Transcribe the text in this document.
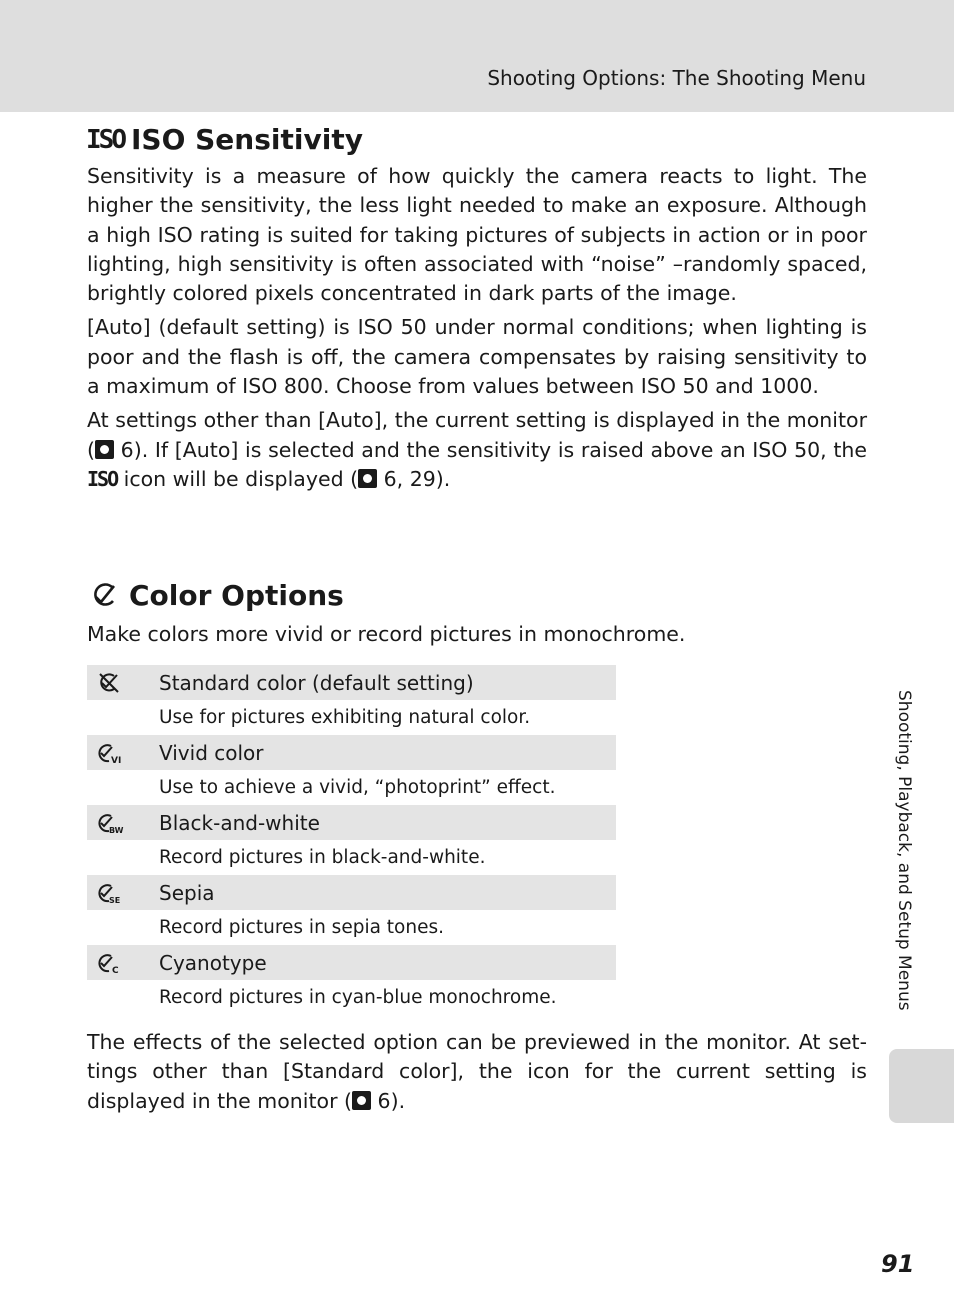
Shooting Options: The Shooting Menu
ISO ISO Sensitivity

Sensitivity is a measure of how quickly the camera reacts to light. The higher the sensitivity, the less light needed to make an exposure. Although a high ISO rating is suited for taking pictures of subjects in action or in poor lighting, high sensitivity is often associated with “noise” –randomly spaced, brightly colored pixels concentrated in dark parts of the image.

[Auto] (default setting) is ISO 50 under normal conditions; when lighting is poor and the flash is off, the camera compensates by raising sensitivity to a maximum of ISO 800. Choose from values between ISO 50 and 1000.

At settings other than [Auto], the current setting is displayed in the monitor ( 6). If [Auto] is selected and the sensitivity is raised above an ISO 50, the ISO icon will be displayed ( 6, 29).

Color Options

Make colors more vivid or record pictures in monochrome.

Standard color (default setting)
Use for pictures exhibiting natural color.
VI Vivid color
Use to achieve a vivid, “photoprint” effect.
BW Black-and-white
Record pictures in black-and-white.
SE Sepia
Record pictures in sepia tones.
C Cyanotype
Record pictures in cyan-blue monochrome.

The effects of the selected option can be previewed in the monitor. At set-tings other than [Standard color], the icon for the current setting is displayed in the monitor ( 6).

Shooting, Playback, and Setup Menus
91
